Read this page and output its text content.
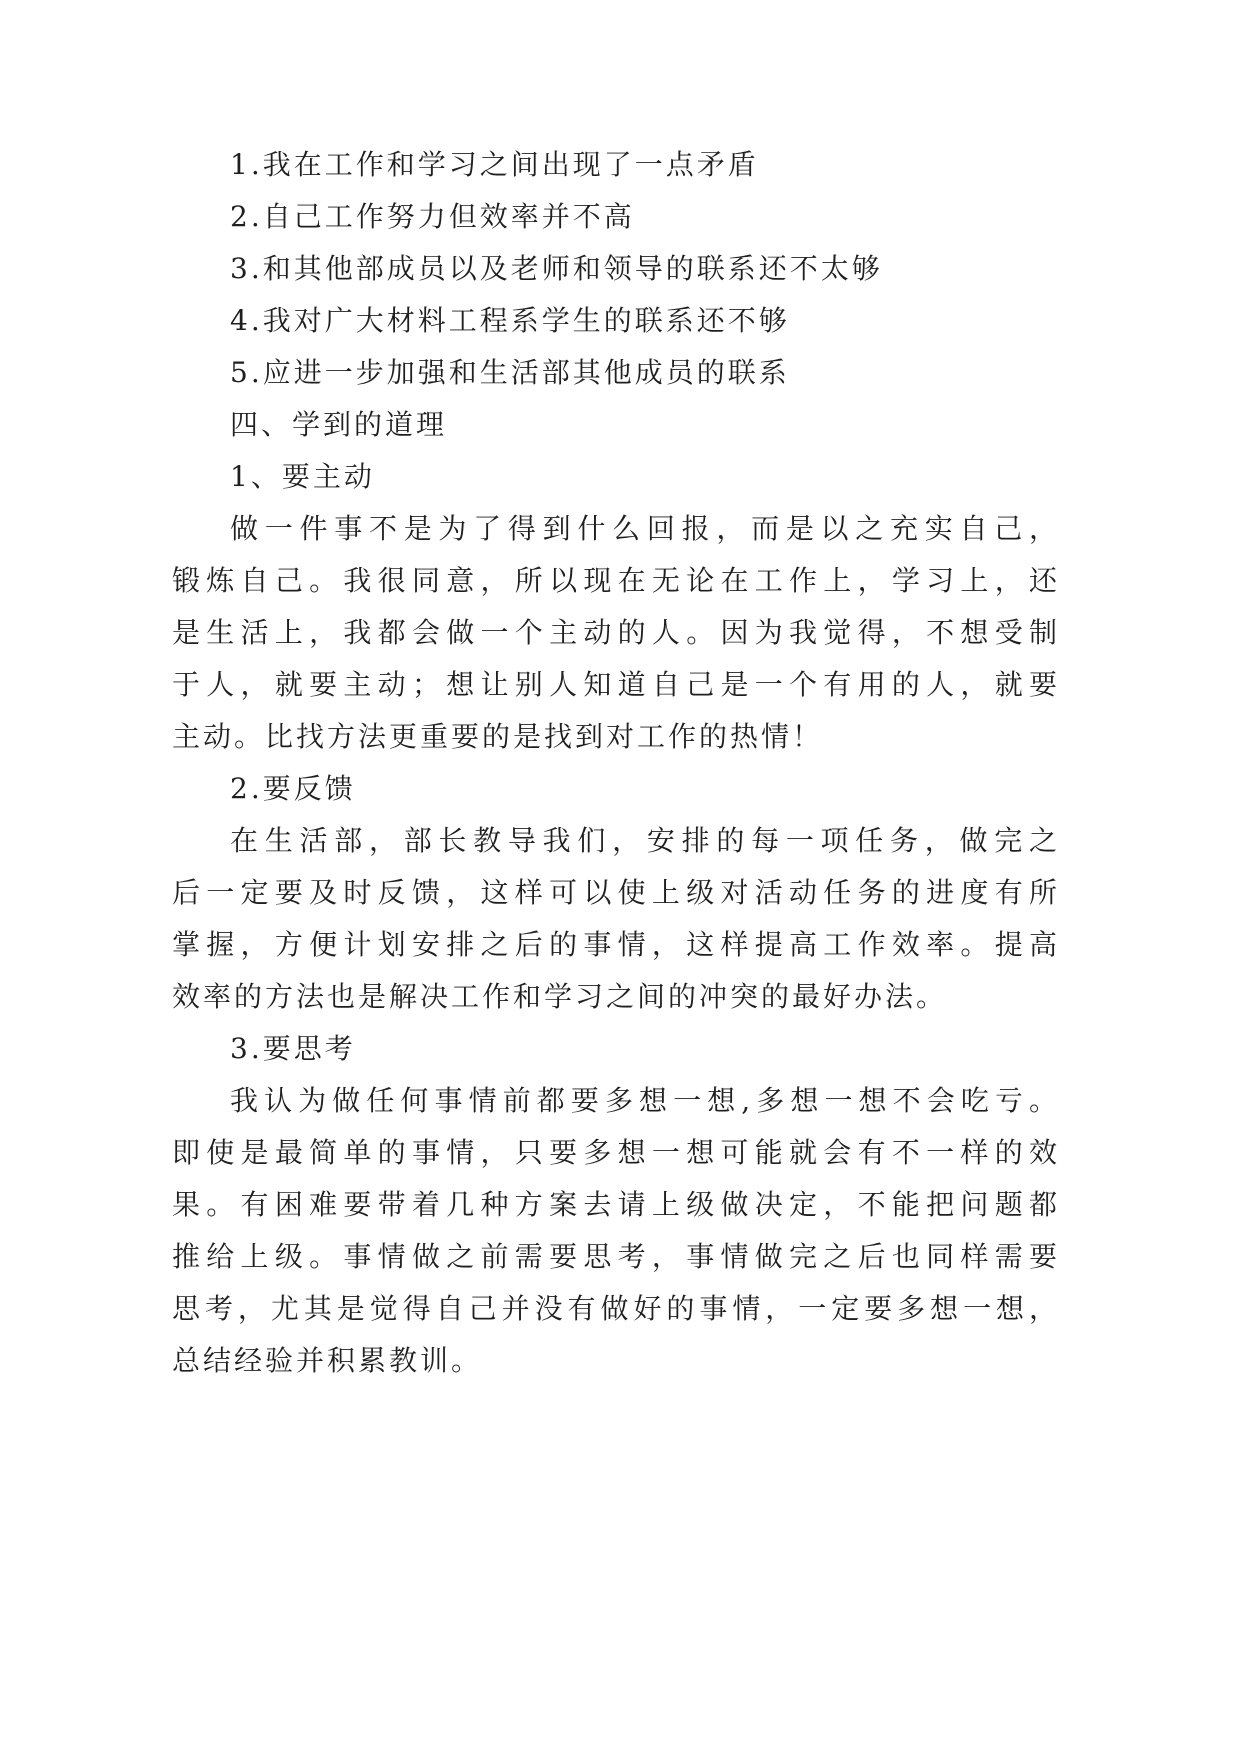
1.我在工作和学习之间出现了一点矛盾
2.自己工作努力但效率并不高
3.和其他部成员以及老师和领导的联系还不太够
4.我对广大材料工程系学生的联系还不够
5.应进一步加强和生活部其他成员的联系
四、学到的道理
1、要主动
做一件事不是为了得到什么回报，而是以之充实自己，
锻炼自己。我很同意，所以现在无论在工作上，学习上，还
是生活上，我都会做一个主动的人。因为我觉得，不想受制
于人，就要主动；想让别人知道自己是一个有用的人，就要
主动。比找方法更重要的是找到对工作的热情！
2.要反馈
在生活部，部长教导我们，安排的每一项任务，做完之
后一定要及时反馈，这样可以使上级对活动任务的进度有所
掌握，方便计划安排之后的事情，这样提高工作效率。提高
效率的方法也是解决工作和学习之间的冲突的最好办法。
3.要思考
我认为做任何事情前都要多想一想,多想一想不会吃亏。
即使是最简单的事情，只要多想一想可能就会有不一样的效
果。有困难要带着几种方案去请上级做决定，不能把问题都
推给上级。事情做之前需要思考，事情做完之后也同样需要
思考，尤其是觉得自己并没有做好的事情，一定要多想一想，
总结经验并积累教训。
